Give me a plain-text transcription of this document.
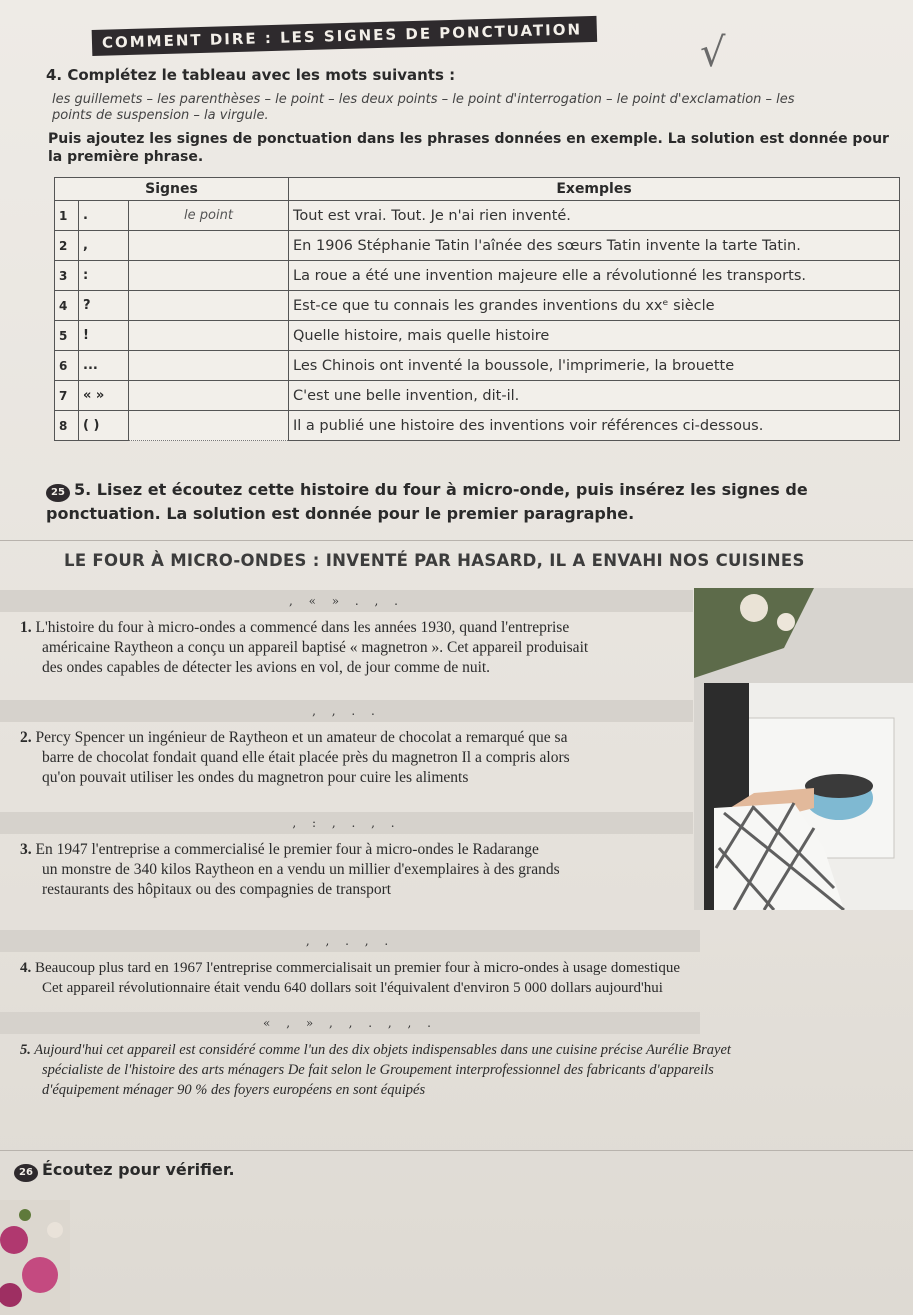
COMMENT DIRE : LES SIGNES DE PONCTUATION	√
4. Complétez le tableau avec les mots suivants :
les guillemets – les parenthèses – le point – les deux points – le point d'interrogation – le point d'exclamation – les points de suspension – la virgule.
Puis ajoutez les signes de ponctuation dans les phrases données en exemple. La solution est donnée pour la première phrase.
Signes			Exemples
1	.	le point	Tout est vrai. Tout. Je n'ai rien inventé.
2	,		En 1906 Stéphanie Tatin l'aînée des sœurs Tatin invente la tarte Tatin.
3	:		La roue a été une invention majeure elle a révolutionné les transports.
4	?		Est-ce que tu connais les grandes inventions du xxᵉ siècle
5	!		Quelle histoire, mais quelle histoire
6	...		Les Chinois ont inventé la boussole, l'imprimerie, la brouette
7	« »		C'est une belle invention, dit-il.
8	( )		Il a publié une histoire des inventions voir références ci-dessous.
25 5. Lisez et écoutez cette histoire du four à micro-onde, puis insérez les signes de ponctuation. La solution est donnée pour le premier paragraphe.
LE FOUR À MICRO-ONDES : INVENTÉ PAR HASARD, IL A ENVAHI NOS CUISINES
, « » . , .
1. L'histoire du four à micro-ondes a commencé dans les années 1930, quand l'entreprise
américaine Raytheon a conçu un appareil baptisé « magnetron ». Cet appareil produisait
des ondes capables de détecter les avions en vol, de jour comme de nuit.
, , . .
2. Percy Spencer un ingénieur de Raytheon et un amateur de chocolat a remarqué que sa
barre de chocolat fondait quand elle était placée près du magnetron Il a compris alors
qu'on pouvait utiliser les ondes du magnetron pour cuire les aliments
, : , . , .
3. En 1947 l'entreprise a commercialisé le premier four à micro-ondes le Radarange
un monstre de 340 kilos Raytheon en a vendu un millier d'exemplaires à des grands
restaurants des hôpitaux ou des compagnies de transport
, , . , .
4. Beaucoup plus tard en 1967 l'entreprise commercialisait un premier four à micro-ondes à usage domestique
Cet appareil révolutionnaire était vendu 640 dollars soit l'équivalent d'environ 5 000 dollars aujourd'hui
« , » , , . , , .
5. Aujourd'hui cet appareil est considéré comme l'un des dix objets indispensables dans une cuisine précise Aurélie Brayet
spécialiste de l'histoire des arts ménagers De fait selon le Groupement interprofessionnel des fabricants d'appareils
d'équipement ménager 90 % des foyers européens en sont équipés
26 Écoutez pour vérifier.
